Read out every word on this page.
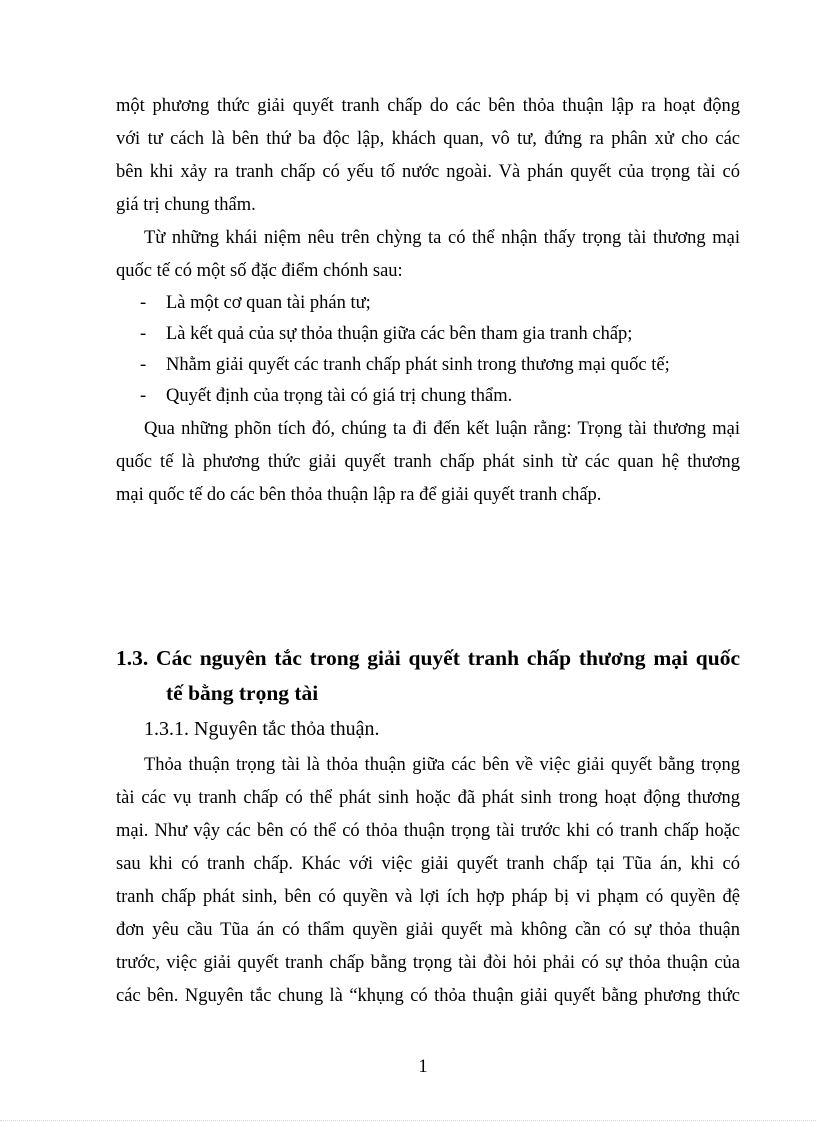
một phương thức giải quyết tranh chấp do các bên thỏa thuận lập ra hoạt động

với tư cách là bên thứ ba độc lập, khách quan, vô tư, đứng ra phân xử cho các

bên khi xảy ra tranh chấp có yếu tố nước ngoài. Và phán quyết của trọng tài có

giá trị chung thẩm.

Từ những khái niệm nêu trên chỳng ta có thể nhận thấy trọng tài thương mại

quốc tế có một số đặc điểm chónh sau:

- Là một cơ quan tài phán tư;
- Là kết quả của sự thỏa thuận giữa các bên tham gia tranh chấp;
- Nhằm giải quyết các tranh chấp phát sinh trong thương mại quốc tế;
- Quyết định của trọng tài có giá trị chung thẩm.

Qua những phõn tích đó, chúng ta đi đến kết luận rằng: Trọng tài thương mại

quốc tế là phương thức giải quyết tranh chấp phát sinh từ các quan hệ thương

mại quốc tế do các bên thỏa thuận lập ra để giải quyết tranh chấp.

1.3. Các nguyên tắc trong giải quyết tranh chấp thương mại quốc

tế bằng trọng tài

1.3.1. Nguyên tắc thỏa thuận.

Thỏa thuận trọng tài là thỏa thuận giữa các bên về việc giải quyết bằng trọng

tài các vụ tranh chấp có thể phát sinh hoặc đã phát sinh trong hoạt động thương

mại. Như vậy các bên có thể có thỏa thuận trọng tài trước khi có tranh chấp hoặc

sau khi có tranh chấp. Khác với việc giải quyết tranh chấp tại Tũa án, khi có

tranh chấp phát sinh, bên có quyền và lợi ích hợp pháp bị vi phạm có quyền đệ

đơn yêu cầu Tũa án có thẩm quyền giải quyết mà không cần có sự thỏa thuận

trước, việc giải quyết tranh chấp bằng trọng tài đòi hỏi phải có sự thỏa thuận của

các bên. Nguyên tắc chung là “khụng có thỏa thuận giải quyết bằng phương thức

1
